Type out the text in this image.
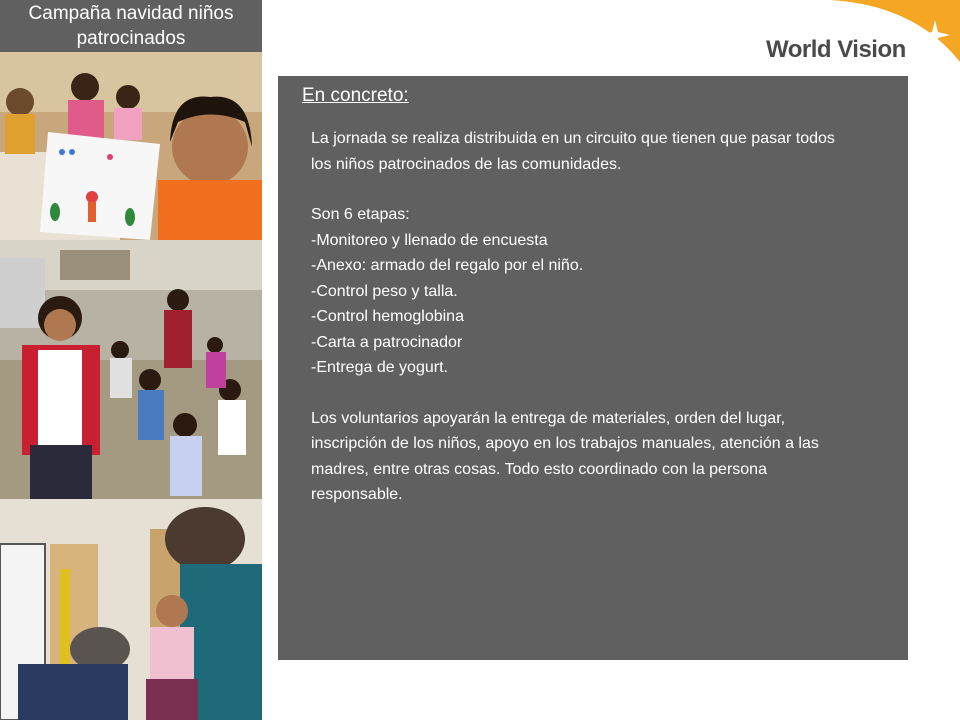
Campaña navidad niños
patrocinados	World Vision
En concreto:

La jornada se realiza distribuida en un circuito que tienen que pasar todos los niños patrocinados de las comunidades.

Son 6 etapas:

-Monitoreo y llenado de encuesta

-Anexo: armado del regalo por el niño.

-Control peso y talla.

-Control hemoglobina

-Carta a patrocinador

-Entrega de yogurt.

Los voluntarios apoyarán la entrega de materiales, orden del lugar, inscripción de los niños, apoyo en los trabajos manuales, atención a las madres, entre otras cosas. Todo esto coordinado con la persona responsable.
